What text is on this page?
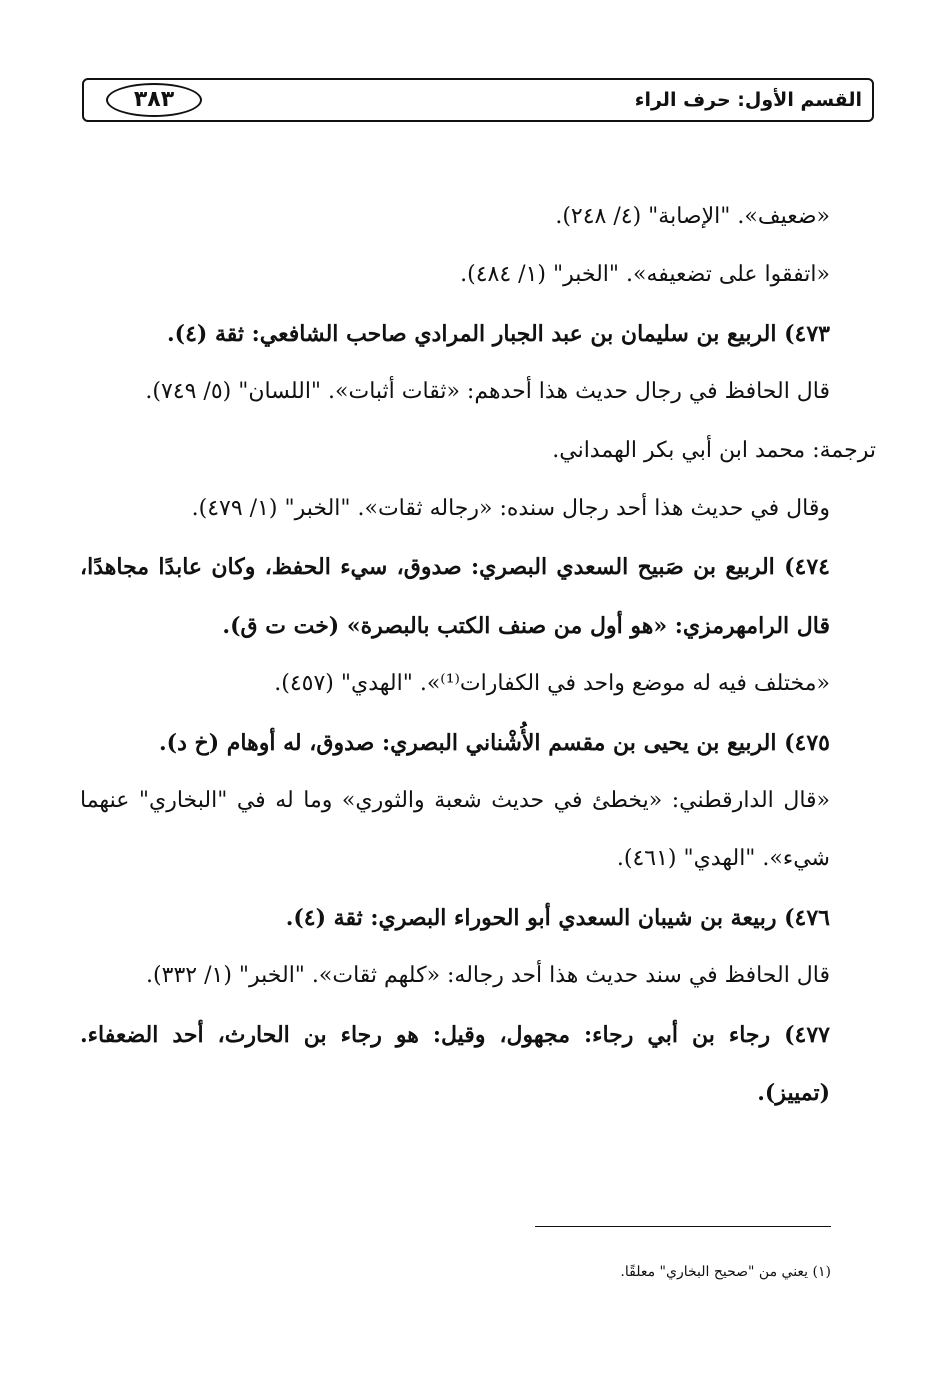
القسم الأول: حرف الراء
٣٨٣

«ضعيف». "الإصابة" (٤/ ٢٤٨).

«اتفقوا على تضعيفه». "الخبر" (١/ ٤٨٤).

٤٧٣) الربيع بن سليمان بن عبد الجبار المرادي صاحب الشافعي: ثقة (٤).

قال الحافظ في رجال حديث هذا أحدهم: «ثقات أثبات». "اللسان" (٥/ ٧٤٩).

ترجمة: محمد ابن أبي بكر الهمداني.

وقال في حديث هذا أحد رجال سنده: «رجاله ثقات». "الخبر" (١/ ٤٧٩).

٤٧٤) الربيع بن صَبيح السعدي البصري: صدوق، سيء الحفظ، وكان عابدًا مجاهدًا، قال الرامهرمزي: «هو أول من صنف الكتب بالبصرة» (خت ت ق).

«مختلف فيه له موضع واحد في الكفارات⁽¹⁾». "الهدي" (٤٥٧).

٤٧٥) الربيع بن يحيى بن مقسم الأُشْناني البصري: صدوق، له أوهام (خ د).

«قال الدارقطني: «يخطئ في حديث شعبة والثوري» وما له في "البخاري" عنهما شيء». "الهدي" (٤٦١).

٤٧٦) ربيعة بن شيبان السعدي أبو الحوراء البصري: ثقة (٤).

قال الحافظ في سند حديث هذا أحد رجاله: «كلهم ثقات». "الخبر" (١/ ٣٣٢).

٤٧٧) رجاء بن أبي رجاء: مجهول، وقيل: هو رجاء بن الحارث، أحد الضعفاء. (تمييز).

(١) يعني من "صحيح البخاري" معلقًا.
